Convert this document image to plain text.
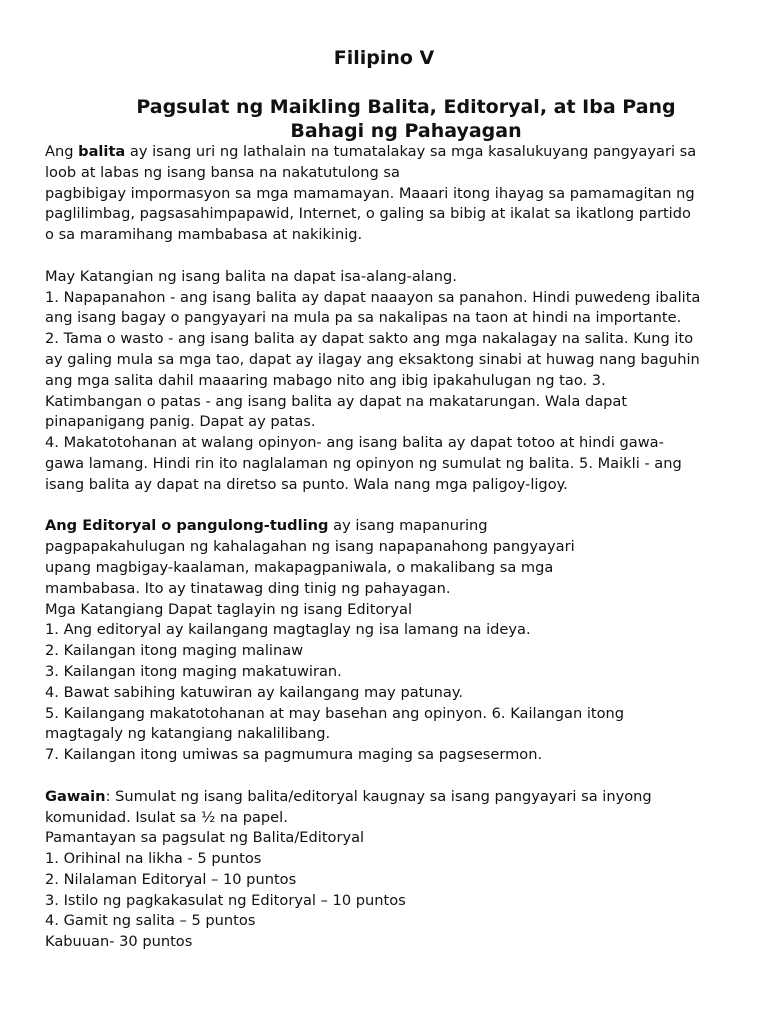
Filipino V
Pagsulat ng Maikling Balita, Editoryal, at Iba Pang Bahagi ng Pahayagan
Ang balita ay isang uri ng lathalain na tumatalakay sa mga kasalukuyang pangyayari sa
loob at labas ng isang bansa na nakatutulong sa
pagbibigay impormasyon sa mga mamamayan. Maaari itong ihayag sa pamamagitan ng
paglilimbag, pagsasahimpapawid, Internet, o galing sa bibig at ikalat sa ikatlong partido
o sa maramihang mambabasa at nakikinig.
May Katangian ng isang balita na dapat isa-alang-alang.
1. Napapanahon - ang isang balita ay dapat naaayon sa panahon. Hindi puwedeng ibalita
ang isang bagay o pangyayari na mula pa sa nakalipas na taon at hindi na importante.
2. Tama o wasto - ang isang balita ay dapat sakto ang mga nakalagay na salita. Kung ito
ay galing mula sa mga tao, dapat ay ilagay ang eksaktong sinabi at huwag nang baguhin
ang mga salita dahil maaaring mabago nito ang ibig ipakahulugan ng tao. 3.
Katimbangan o patas - ang isang balita ay dapat na makatarungan. Wala dapat
pinapanigang panig. Dapat ay patas.
4. Makatotohanan at walang opinyon- ang isang balita ay dapat totoo at hindi gawa-
gawa lamang. Hindi rin ito naglalaman ng opinyon ng sumulat ng balita. 5. Maikli - ang
isang balita ay dapat na diretso sa punto. Wala nang mga paligoy-ligoy.
Ang Editoryal o pangulong-tudling ay isang mapanuring
pagpapakahulugan ng kahalagahan ng isang napapanahong pangyayari
upang magbigay-kaalaman, makapagpaniwala, o makalibang sa mga
mambabasa. Ito ay tinatawag ding tinig ng pahayagan.
Mga Katangiang Dapat taglayin ng isang Editoryal
1. Ang editoryal ay kailangang magtaglay ng isa lamang na ideya.
2. Kailangan itong maging malinaw
3. Kailangan itong maging makatuwiran.
4. Bawat sabihing katuwiran ay kailangang may patunay.
5. Kailangang makatotohanan at may basehan ang opinyon. 6. Kailangan itong
magtagaly ng katangiang nakalilibang.
7. Kailangan itong umiwas sa pagmumura maging sa pagsesermon.
Gawain: Sumulat ng isang balita/editoryal kaugnay sa isang pangyayari sa inyong
komunidad. Isulat sa ½ na papel.
Pamantayan sa pagsulat ng Balita/Editoryal
1. Orihinal na likha - 5 puntos
2. Nilalaman Editoryal – 10 puntos
3. Istilo ng pagkakasulat ng Editoryal – 10 puntos
4. Gamit ng salita – 5 puntos
Kabuuan- 30 puntos
